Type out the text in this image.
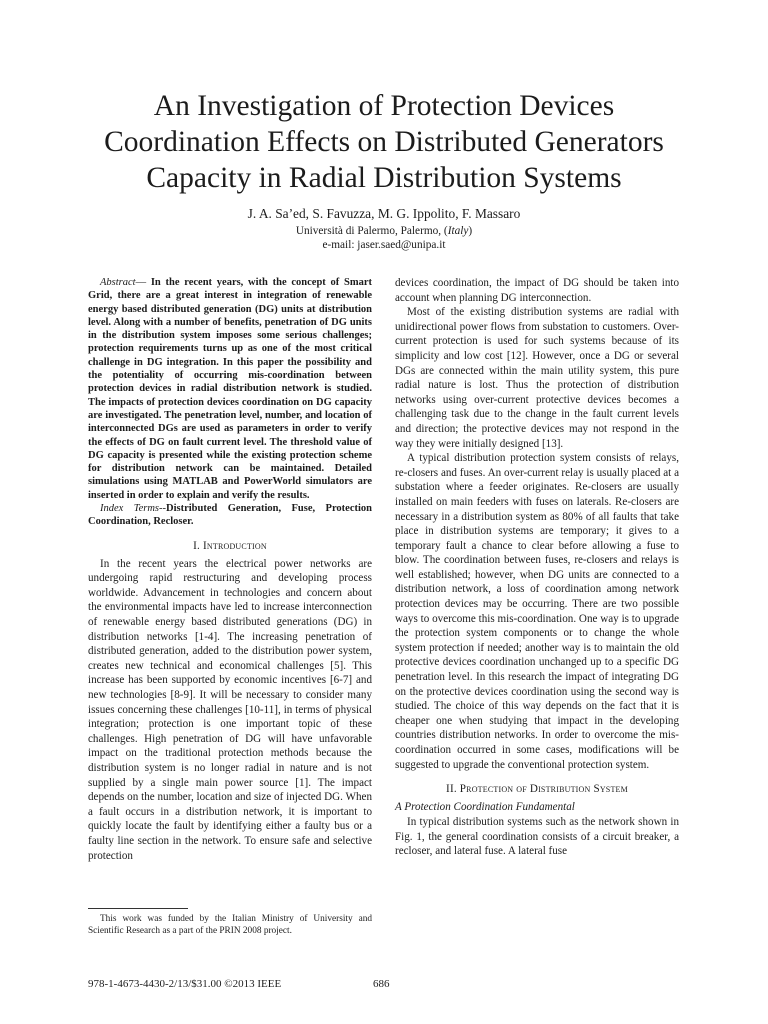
An Investigation of Protection Devices
Coordination Effects on Distributed Generators
Capacity in Radial Distribution Systems
J. A. Sa’ed, S. Favuzza, M. G. Ippolito, F. Massaro
Università di Palermo, Palermo, (Italy)
e-mail: jaser.saed@unipa.it

Abstract— In the recent years, with the concept of Smart Grid, there are a great interest in integration of renewable energy based distributed generation (DG) units at distribution level. Along with a number of benefits, penetration of DG units in the distribution system imposes some serious challenges; protection requirements turns up as one of the most critical challenge in DG integration. In this paper the possibility and the potentiality of occurring mis-coordination between protection devices in radial distribution network is studied. The impacts of protection devices coordination on DG capacity are investigated. The penetration level, number, and location of interconnected DGs are used as parameters in order to verify the effects of DG on fault current level. The threshold value of DG capacity is presented while the existing protection scheme for distribution network can be maintained. Detailed simulations using MATLAB and PowerWorld simulators are inserted in order to explain and verify the results.

Index Terms--Distributed Generation, Fuse, Protection Coordination, Recloser.

I. Introduction

In the recent years the electrical power networks are undergoing rapid restructuring and developing process worldwide. Advancement in technologies and concern about the environmental impacts have led to increase interconnection of renewable energy based distributed generations (DG) in distribution networks [1-4]. The increasing penetration of distributed generation, added to the distribution power system, creates new technical and economical challenges [5]. This increase has been supported by economic incentives [6-7] and new technologies [8-9]. It will be necessary to consider many issues concerning these challenges [10-11], in terms of physical integration; protection is one important topic of these challenges. High penetration of DG will have unfavorable impact on the traditional protection methods because the distribution system is no longer radial in nature and is not supplied by a single main power source [1]. The impact depends on the number, location and size of injected DG. When a fault occurs in a distribution network, it is important to quickly locate the fault by identifying either a faulty bus or a faulty line section in the network. To ensure safe and selective protection

devices coordination, the impact of DG should be taken into account when planning DG interconnection.

Most of the existing distribution systems are radial with unidirectional power flows from substation to customers. Over-current protection is used for such systems because of its simplicity and low cost [12]. However, once a DG or several DGs are connected within the main utility system, this pure radial nature is lost. Thus the protection of distribution networks using over-current protective devices becomes a challenging task due to the change in the fault current levels and direction; the protective devices may not respond in the way they were initially designed [13].

A typical distribution protection system consists of relays, re-closers and fuses. An over-current relay is usually placed at a substation where a feeder originates. Re-closers are usually installed on main feeders with fuses on laterals. Re-closers are necessary in a distribution system as 80% of all faults that take place in distribution systems are temporary; it gives to a temporary fault a chance to clear before allowing a fuse to blow. The coordination between fuses, re-closers and relays is well established; however, when DG units are connected to a distribution network, a loss of coordination among network protection devices may be occurring. There are two possible ways to overcome this mis-coordination. One way is to upgrade the protection system components or to change the whole system protection if needed; another way is to maintain the old protective devices coordination unchanged up to a specific DG penetration level. In this research the impact of integrating DG on the protective devices coordination using the second way is studied. The choice of this way depends on the fact that it is cheaper one when studying that impact in the developing countries distribution networks. In order to overcome the mis-coordination occurred in some cases, modifications will be suggested to upgrade the conventional protection system.

II. Protection of Distribution System
A Protection Coordination Fundamental

In typical distribution systems such as the network shown in Fig. 1, the general coordination consists of a circuit breaker, a recloser, and lateral fuse. A lateral fuse

This work was funded by the Italian Ministry of University and Scientific Research as a part of the PRIN 2008 project.
978-1-4673-4430-2/13/$31.00 ©2013 IEEE	686
